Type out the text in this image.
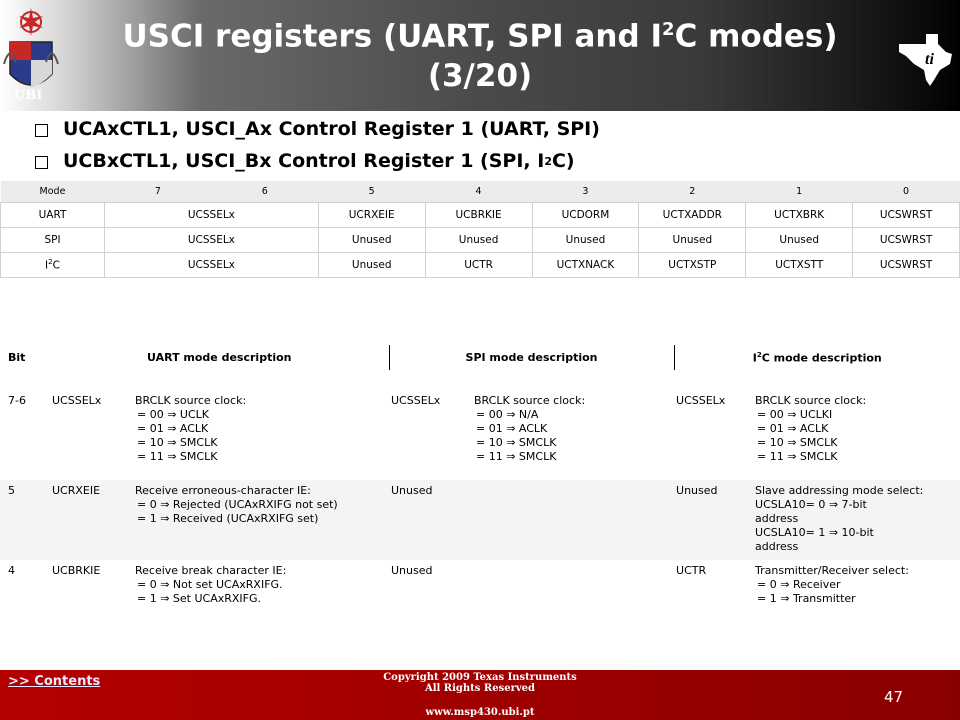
UBI
USCI registers (UART, SPI and $I^2C$ modes)
(3/20)	ti
UCAxCTL1, USCI_Ax Control Register 1 (UART, SPI)
UCBxCTL1, USCI_Bx Control Register 1 (SPI, I 2 C)
Mode	7	6	5	4	3	2	1	0
UART	UCSSELx		UCRXEIE	UCBRKIE	UCDORM	UCTXADDR	UCTXBRK	UCSWRST
SPI	UCSSELx		Unused	Unused	Unused	Unused	Unused	UCSWRST
$I^2C$	UCSSELx		Unused	UCTR	UCTXNACK	UCTXSTP	UCTXSTT	UCSWRST
Bit	UART mode description		SPI mode description		$I^2C$ mode description	

7-6	UCSSELx	BRCLK source clock:
= 00 ⇒ UCLK
= 01 ⇒ ACLK
= 10 ⇒ SMCLK
= 11 ⇒ SMCLK	UCSSELx	BRCLK source clock:
= 00 ⇒ N/A
= 01 ⇒ ACLK
= 10 ⇒ SMCLK
= 11 ⇒ SMCLK	UCSSELx	BRCLK source clock:
= 00 ⇒ UCLKI
= 01 ⇒ ACLK
= 10 ⇒ SMCLK
= 11 ⇒ SMCLK

5	UCRXEIE	Receive erroneous-character IE:
= 0 ⇒ Rejected (UCAxRXIFG not set)
= 1 ⇒ Received (UCAxRXIFG set)	Unused		Unused	Slave addressing mode select:
UCSLA10= 0 ⇒ 7-bit
address
UCSLA10= 1 ⇒ 10-bit
address

4	UCBRKIE	Receive break character IE:
= 0 ⇒ Not set UCAxRXIFG.
= 1 ⇒ Set UCAxRXIFG.	Unused		UCTR	Transmitter/Receiver select:
= 0 ⇒ Receiver
= 1 ⇒ Transmitter
>> Contents	Copyright 2009 Texas Instruments
All Rights Reserved
www.msp430.ubi.pt
47
